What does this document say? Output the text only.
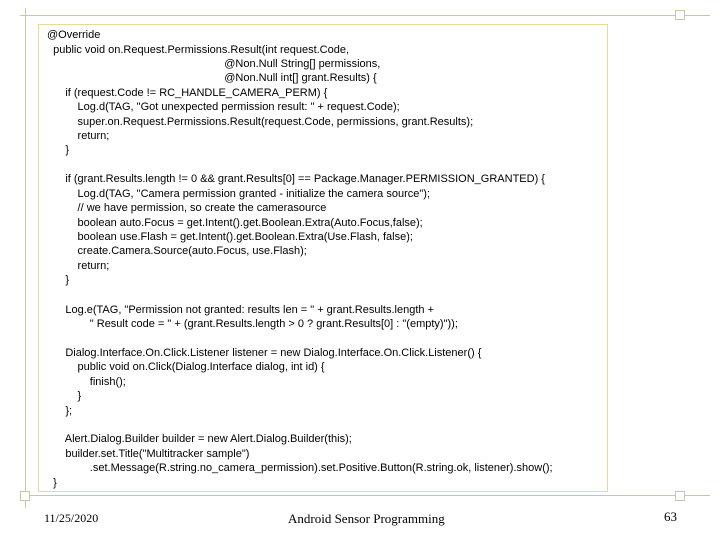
@Override
public void on.Request.Permissions.Result(int request.Code,
@Non.Null String[] permissions,
@Non.Null int[] grant.Results) {
if (request.Code != RC_HANDLE_CAMERA_PERM) {
Log.d(TAG, "Got unexpected permission result: " + request.Code);
super.on.Request.Permissions.Result(request.Code, permissions, grant.Results);
return;
}
if (grant.Results.length != 0 && grant.Results[0] == Package.Manager.PERMISSION_GRANTED) {
Log.d(TAG, "Camera permission granted - initialize the camera source");
// we have permission, so create the camerasource
boolean auto.Focus = get.Intent().get.Boolean.Extra(Auto.Focus,false);
boolean use.Flash = get.Intent().get.Boolean.Extra(Use.Flash, false);
create.Camera.Source(auto.Focus, use.Flash);
return;
}
Log.e(TAG, "Permission not granted: results len = " + grant.Results.length +
" Result code = " + (grant.Results.length > 0 ? grant.Results[0] : "(empty)"));
Dialog.Interface.On.Click.Listener listener = new Dialog.Interface.On.Click.Listener() {
public void on.Click(Dialog.Interface dialog, int id) {
finish();
}
};
Alert.Dialog.Builder builder = new Alert.Dialog.Builder(this);
builder.set.Title("Multitracker sample")
.set.Message(R.string.no_camera_permission).set.Positive.Button(R.string.ok, listener).show();
}
11/25/2020	Android Sensor Programming	63
